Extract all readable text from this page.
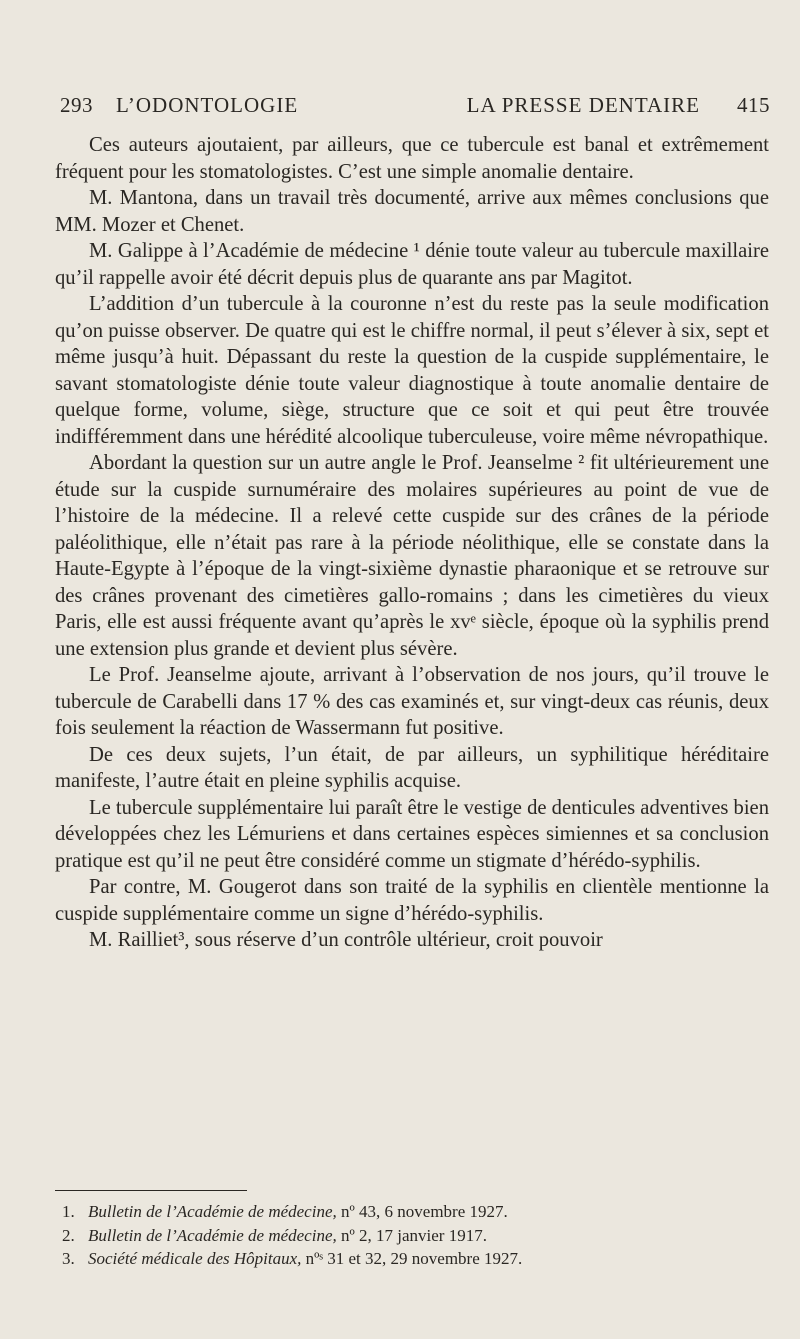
293 L’ODONTOLOGIE	LA PRESSE DENTAIRE 415

Ces auteurs ajoutaient, par ailleurs, que ce tubercule est banal et extrêmement fréquent pour les stomatologistes. C’est une simple anomalie dentaire.

M. Mantona, dans un travail très documenté, arrive aux mêmes conclusions que MM. Mozer et Chenet.

M. Galippe à l’Académie de médecine ¹ dénie toute valeur au tubercule maxillaire qu’il rappelle avoir été décrit depuis plus de quarante ans par Magitot.

L’addition d’un tubercule à la couronne n’est du reste pas la seule modification qu’on puisse observer. De quatre qui est le chiffre normal, il peut s’élever à six, sept et même jusqu’à huit. Dépassant du reste la question de la cuspide supplémentaire, le savant stomatologiste dénie toute valeur diagnostique à toute anomalie dentaire de quelque forme, volume, siège, structure que ce soit et qui peut être trouvée indifféremment dans une hérédité alcoolique tuberculeuse, voire même névropathique.

Abordant la question sur un autre angle le Prof. Jeanselme ² fit ultérieurement une étude sur la cuspide surnuméraire des molaires supérieures au point de vue de l’histoire de la médecine. Il a relevé cette cuspide sur des crânes de la période paléolithique, elle n’était pas rare à la période néolithique, elle se constate dans la Haute-Egypte à l’époque de la vingt-sixième dynastie pharaonique et se retrouve sur des crânes provenant des cimetières gallo-romains ; dans les cimetières du vieux Paris, elle est aussi fréquente avant qu’après le xvᵉ siècle, époque où la syphilis prend une extension plus grande et devient plus sévère.

Le Prof. Jeanselme ajoute, arrivant à l’observation de nos jours, qu’il trouve le tubercule de Carabelli dans 17 % des cas examinés et, sur vingt-deux cas réunis, deux fois seulement la réaction de Wassermann fut positive.

De ces deux sujets, l’un était, de par ailleurs, un syphilitique héréditaire manifeste, l’autre était en pleine syphilis acquise.

Le tubercule supplémentaire lui paraît être le vestige de denticules adventives bien développées chez les Lémuriens et dans certaines espèces simiennes et sa conclusion pratique est qu’il ne peut être considéré comme un stigmate d’hérédo-syphilis.

Par contre, M. Gougerot dans son traité de la syphilis en clientèle mentionne la cuspide supplémentaire comme un signe d’hérédo-syphilis.

M. Railliet³, sous réserve d’un contrôle ultérieur, croit pouvoir

1. Bulletin de l’Académie de médecine, nº 43, 6 novembre 1927.
2. Bulletin de l’Académie de médecine, nº 2, 17 janvier 1917.
3. Société médicale des Hôpitaux, nºˢ 31 et 32, 29 novembre 1927.
